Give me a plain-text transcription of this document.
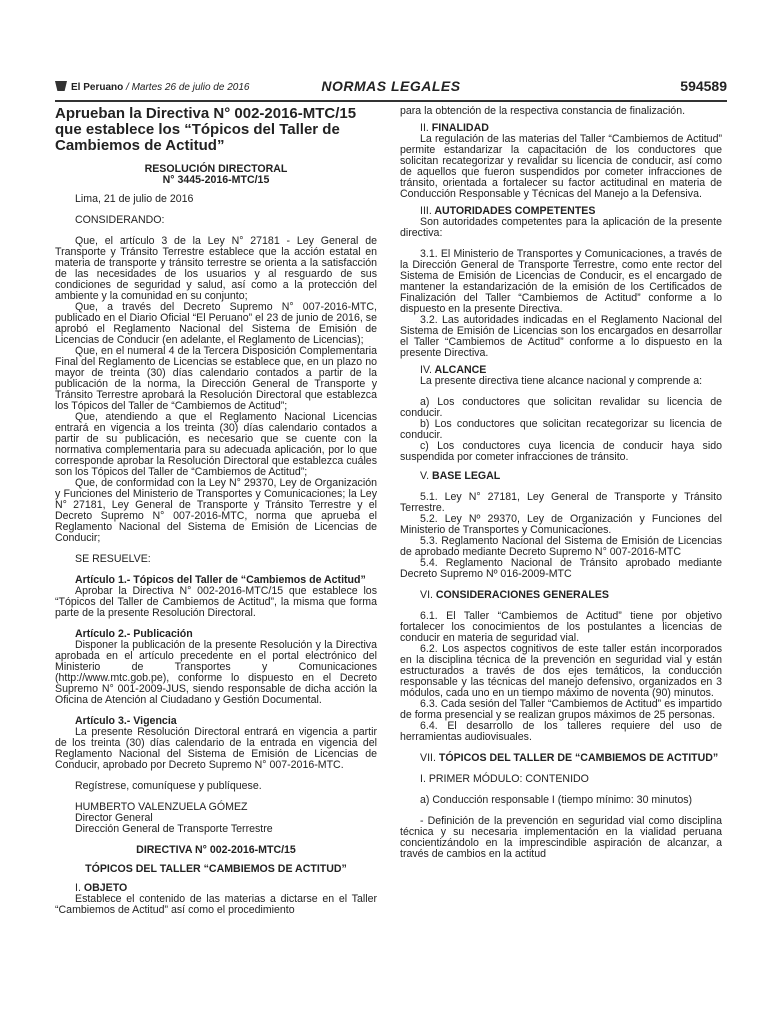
El Peruano / Martes 26 de julio de 2016	NORMAS LEGALES	594589

Aprueban la Directiva N° 002-2016-MTC/15 que establece los “Tópicos del Taller de Cambiemos de Actitud”

RESOLUCIÓN DIRECTORAL

N° 3445-2016-MTC/15

Lima, 21 de julio de 2016

CONSIDERANDO:

Que, el artículo 3 de la Ley N° 27181 - Ley General de Transporte y Tránsito Terrestre establece que la acción estatal en materia de transporte y tránsito terrestre se orienta a la satisfacción de las necesidades de los usuarios y al resguardo de sus condiciones de seguridad y salud, así como a la protección del ambiente y la comunidad en su conjunto;

Que, a través del Decreto Supremo N° 007-2016-MTC, publicado en el Diario Oficial “El Peruano” el 23 de junio de 2016, se aprobó el Reglamento Nacional del Sistema de Emisión de Licencias de Conducir (en adelante, el Reglamento de Licencias);

Que, en el numeral 4 de la Tercera Disposición Complementaria Final del Reglamento de Licencias se establece que, en un plazo no mayor de treinta (30) días calendario contados a partir de la publicación de la norma, la Dirección General de Transporte y Tránsito Terrestre aprobará la Resolución Directoral que establezca los Tópicos del Taller de “Cambiemos de Actitud”;

Que, atendiendo a que el Reglamento Nacional Licencias entrará en vigencia a los treinta (30) días calendario contados a partir de su publicación, es necesario que se cuente con la normativa complementaria para su adecuada aplicación, por lo que corresponde aprobar la Resolución Directoral que establezca cuáles son los Tópicos del Taller de “Cambiemos de Actitud”;

Que, de conformidad con la Ley N° 29370, Ley de Organización y Funciones del Ministerio de Transportes y Comunicaciones; la Ley N° 27181, Ley General de Transporte y Tránsito Terrestre y el Decreto Supremo N° 007-2016-MTC, norma que aprueba el Reglamento Nacional del Sistema de Emisión de Licencias de Conducir;

SE RESUELVE:

Artículo 1.- Tópicos del Taller de “Cambiemos de Actitud”

Aprobar la Directiva N° 002-2016-MTC/15 que establece los “Tópicos del Taller de Cambiemos de Actitud”, la misma que forma parte de la presente Resolución Directoral.

Artículo 2.- Publicación

Disponer la publicación de la presente Resolución y la Directiva aprobada en el artículo precedente en el portal electrónico del Ministerio de Transportes y Comunicaciones (http://www.mtc.gob.pe), conforme lo dispuesto en el Decreto Supremo N° 001-2009-JUS, siendo responsable de dicha acción la Oficina de Atención al Ciudadano y Gestión Documental.

Artículo 3.- Vigencia

La presente Resolución Directoral entrará en vigencia a partir de los treinta (30) días calendario de la entrada en vigencia del Reglamento Nacional del Sistema de Emisión de Licencias de Conducir, aprobado por Decreto Supremo N° 007-2016-MTC.

Regístrese, comuníquese y publíquese.

HUMBERTO VALENZUELA GÓMEZ

Director General

Dirección General de Transporte Terrestre

DIRECTIVA N° 002-2016-MTC/15

TÓPICOS DEL TALLER “CAMBIEMOS DE ACTITUD”

I. OBJETO

Establece el contenido de las materias a dictarse en el Taller “Cambiemos de Actitud” así como el procedimiento

para la obtención de la respectiva constancia de finalización.

II. FINALIDAD

La regulación de las materias del Taller “Cambiemos de Actitud” permite estandarizar la capacitación de los conductores que solicitan recategorizar y revalidar su licencia de conducir, así como de aquellos que fueron suspendidos por cometer infracciones de tránsito, orientada a fortalecer su factor actitudinal en materia de Conducción Responsable y Técnicas del Manejo a la Defensiva.

III. AUTORIDADES COMPETENTES

Son autoridades competentes para la aplicación de la presente directiva:

3.1. El Ministerio de Transportes y Comunicaciones, a través de la Dirección General de Transporte Terrestre, como ente rector del Sistema de Emisión de Licencias de Conducir, es el encargado de mantener la estandarización de la emisión de los Certificados de Finalización del Taller “Cambiemos de Actitud” conforme a lo dispuesto en la presente Directiva.

3.2. Las autoridades indicadas en el Reglamento Nacional del Sistema de Emisión de Licencias son los encargados en desarrollar el Taller “Cambiemos de Actitud” conforme a lo dispuesto en la presente Directiva.

IV. ALCANCE

La presente directiva tiene alcance nacional y comprende a:

a) Los conductores que solicitan revalidar su licencia de conducir.

b) Los conductores que solicitan recategorizar su licencia de conducir.

c) Los conductores cuya licencia de conducir haya sido suspendida por cometer infracciones de tránsito.

V. BASE LEGAL

5.1. Ley N° 27181, Ley General de Transporte y Tránsito Terrestre.

5.2. Ley Nº 29370, Ley de Organización y Funciones del Ministerio de Transportes y Comunicaciones.

5.3. Reglamento Nacional del Sistema de Emisión de Licencias de aprobado mediante Decreto Supremo N° 007-2016-MTC

5.4. Reglamento Nacional de Tránsito aprobado mediante Decreto Supremo Nº 016-2009-MTC

VI. CONSIDERACIONES GENERALES

6.1. El Taller “Cambiemos de Actitud” tiene por objetivo fortalecer los conocimientos de los postulantes a licencias de conducir en materia de seguridad vial.

6.2. Los aspectos cognitivos de este taller están incorporados en la disciplina técnica de la prevención en seguridad vial y están estructurados a través de dos ejes temáticos, la conducción responsable y las técnicas del manejo defensivo, organizados en 3 módulos, cada uno en un tiempo máximo de noventa (90) minutos.

6.3. Cada sesión del Taller “Cambiemos de Actitud” es impartido de forma presencial y se realizan grupos máximos de 25 personas.

6.4. El desarrollo de los talleres requiere del uso de herramientas audiovisuales.

VII. TÓPICOS DEL TALLER DE “CAMBIEMOS DE ACTITUD”

I. PRIMER MÓDULO: CONTENIDO

a) Conducción responsable I (tiempo mínimo: 30 minutos)

- Definición de la prevención en seguridad vial como disciplina técnica y su necesaria implementación en la vialidad peruana concientizándolo en la imprescindible aspiración de alcanzar, a través de cambios en la actitud
